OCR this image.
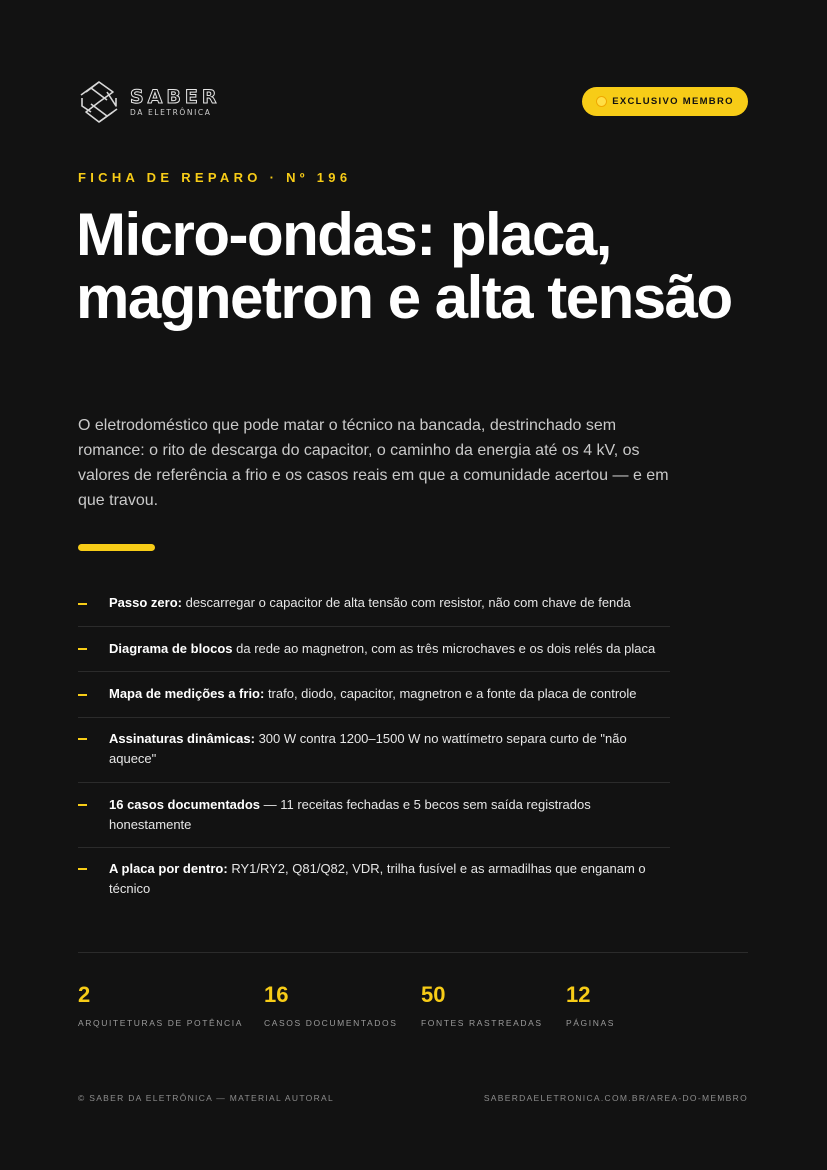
SABER
DA ELETRÔNICA
EXCLUSIVO MEMBRO
FICHA DE REPARO · Nº 196
Micro-ondas: placa, magnetron e alta tensão

O eletrodoméstico que pode matar o técnico na bancada, destrinchado sem romance: o rito de descarga do capacitor, o caminho da energia até os 4 kV, os valores de referência a frio e os casos reais em que a comunidade acertou — e em que travou.

Passo zero: descarregar o capacitor de alta tensão com resistor, não com chave de fenda
Diagrama de blocos da rede ao magnetron, com as três microchaves e os dois relés da placa
Mapa de medições a frio: trafo, diodo, capacitor, magnetron e a fonte da placa de controle
Assinaturas dinâmicas: 300 W contra 1200–1500 W no wattímetro separa curto de "não aquece"
16 casos documentados — 11 receitas fechadas e 5 becos sem saída registrados honestamente
A placa por dentro: RY1/RY2, Q81/Q82, VDR, trilha fusível e as armadilhas que enganam o técnico
2
ARQUITETURAS DE POTÊNCIA
16
CASOS DOCUMENTADOS
50
FONTES RASTREADAS
12
PÁGINAS
© SABER DA ELETRÔNICA — MATERIAL AUTORAL	SABERDAELETRONICA.COM.BR/AREA-DO-MEMBRO
